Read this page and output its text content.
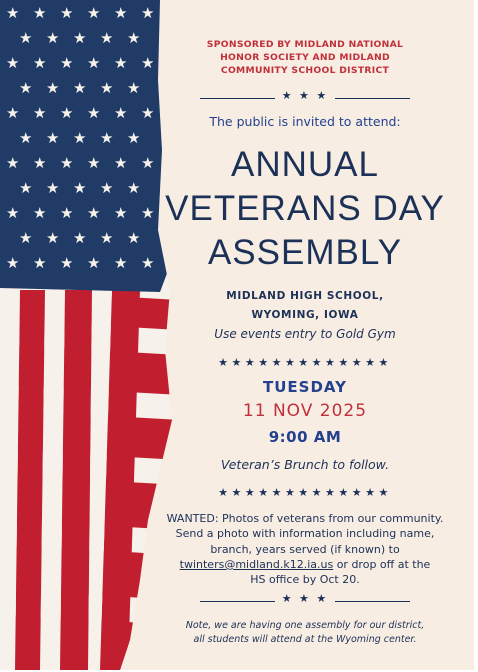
★ ★ ★ ★ ★ ★
★ ★ ★ ★ ★
★ ★ ★ ★ ★ ★
★ ★ ★ ★ ★
★ ★ ★ ★ ★ ★
★ ★ ★ ★ ★
★ ★ ★ ★ ★ ★
★ ★ ★ ★ ★
★ ★ ★ ★ ★ ★
★ ★ ★ ★ ★
★ ★ ★ ★ ★ ★
SPONSORED BY MIDLAND NATIONAL
HONOR SOCIETY AND MIDLAND
COMMUNITY SCHOOL DISTRICT
★ ★ ★
The public is invited to attend:
ANNUAL
VETERANS DAY
ASSEMBLY
MIDLAND HIGH SCHOOL,
WYOMING, IOWA
Use events entry to Gold Gym
★★★★★★★★★★★★★
TUESDAY
11 NOV 2025
9:00 AM
Veteran’s Brunch to follow.
★★★★★★★★★★★★★
WANTED: Photos of veterans from our community.
Send a photo with information including name,
branch, years served (if known) to
twinters@midland.k12.ia.us or drop off at the
HS office by Oct 20.
★ ★ ★
Note, we are having one assembly for our district,
all students will attend at the Wyoming center.
